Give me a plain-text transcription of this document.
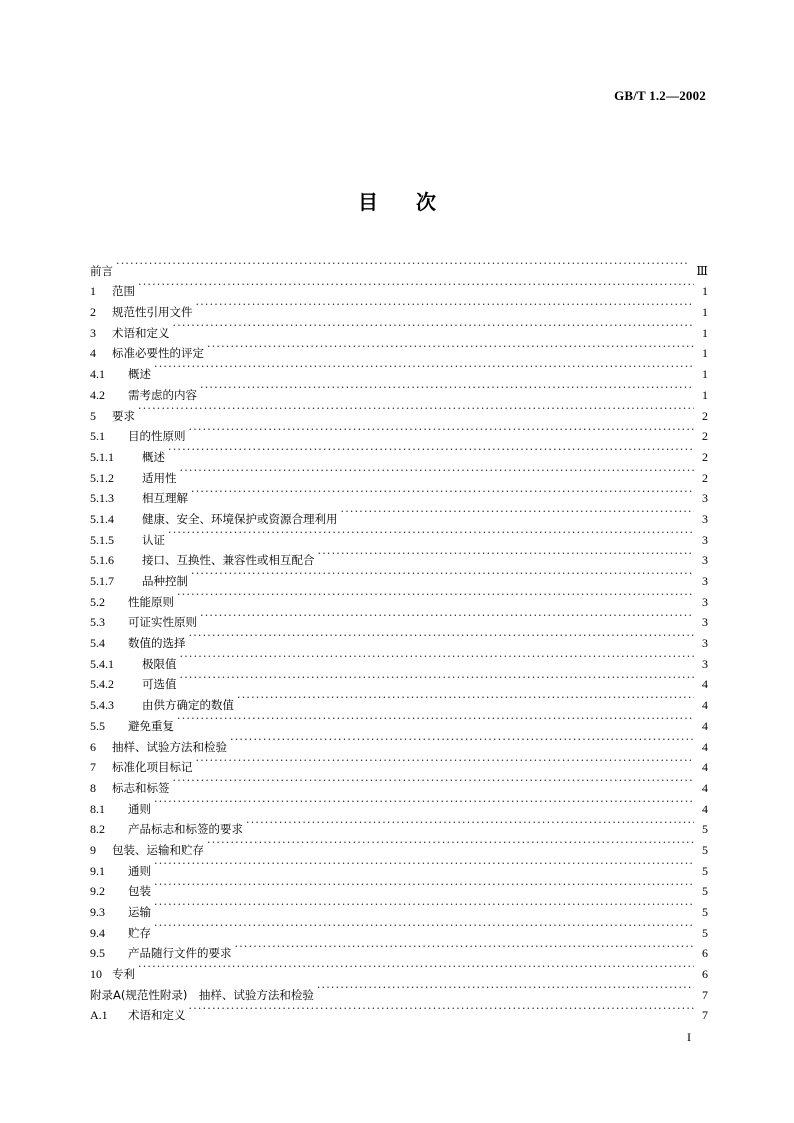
GB/T 1.2—2002
目次
前言 ·····	Ⅲ
1 范围 ·····	1
2 规范性引用文件 ·····	1
3 术语和定义 ·····	1
4 标准必要性的评定 ·····	1
4.1 概述 ·····	1
4.2 需考虑的内容 ·····	1
5 要求 ·····	2
5.1 目的性原则 ·····	2
5.1.1 概述 ·····	2
5.1.2 适用性 ·····	2
5.1.3 相互理解 ·····	3
5.1.4 健康、安全、环境保护或资源合理利用 ·····	3
5.1.5 认证 ·····	3
5.1.6 接口、互换性、兼容性或相互配合 ·····	3
5.1.7 品种控制 ·····	3
5.2 性能原则 ·····	3
5.3 可证实性原则 ·····	3
5.4 数值的选择 ·····	3
5.4.1 极限值 ·····	3
5.4.2 可选值 ·····	4
5.4.3 由供方确定的数值 ·····	4
5.5 避免重复 ·····	4
6 抽样、试验方法和检验 ·····	4
7 标准化项目标记 ·····	4
8 标志和标签 ·····	4
8.1 通则 ·····	4
8.2 产品标志和标签的要求 ·····	5
9 包装、运输和贮存 ·····	5
9.1 通则 ·····	5
9.2 包装 ·····	5
9.3 运输 ·····	5
9.4 贮存 ·····	5
9.5 产品随行文件的要求 ·····	6
10 专利 ·····	6
附录A(规范性附录)　抽样、试验方法和检验 ·····	7
A.1 术语和定义 ·····	7
I
